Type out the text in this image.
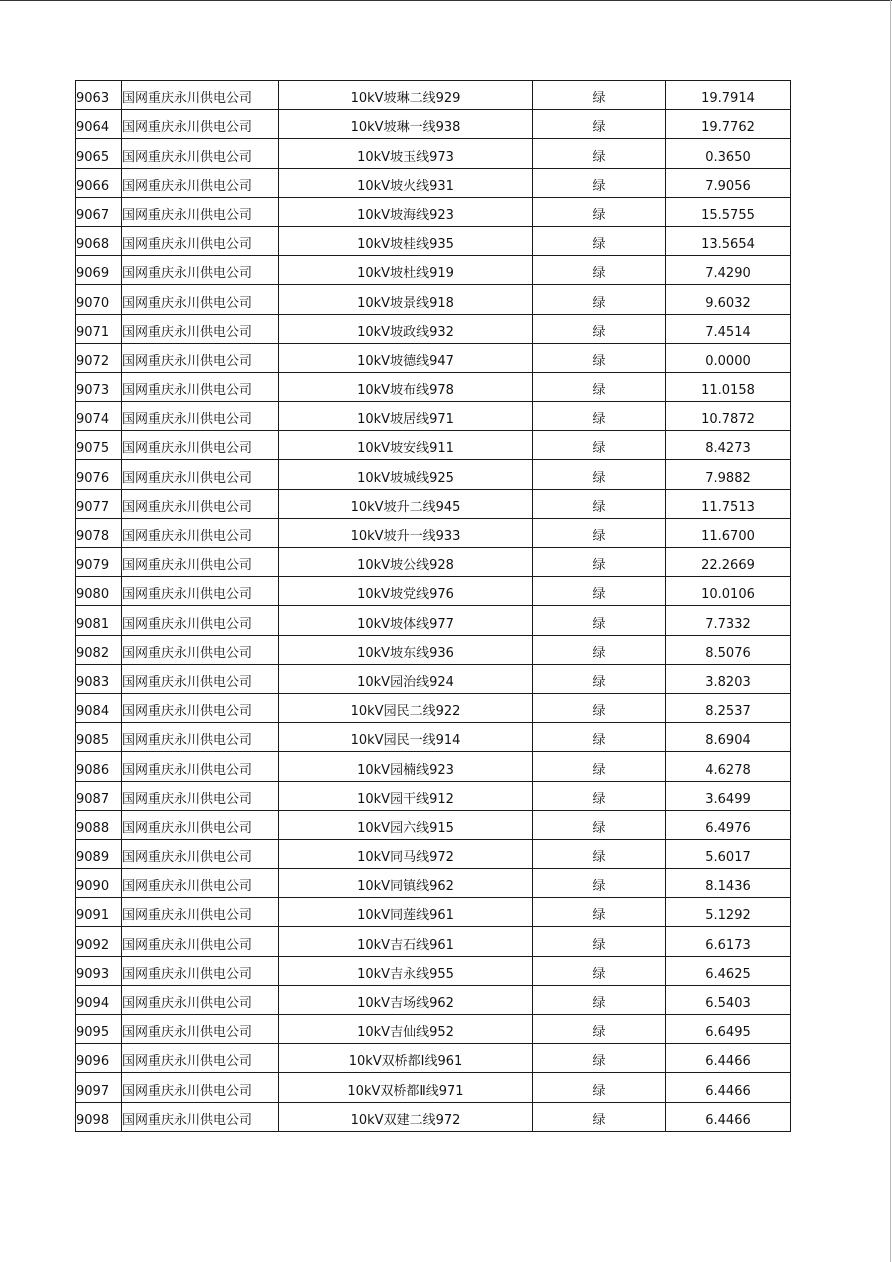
9063	国网重庆永川供电公司	10kV坡琳二线929	绿	19.7914
9064	国网重庆永川供电公司	10kV坡琳一线938	绿	19.7762
9065	国网重庆永川供电公司	10kV坡玉线973	绿	0.3650
9066	国网重庆永川供电公司	10kV坡火线931	绿	7.9056
9067	国网重庆永川供电公司	10kV坡海线923	绿	15.5755
9068	国网重庆永川供电公司	10kV坡桂线935	绿	13.5654
9069	国网重庆永川供电公司	10kV坡杜线919	绿	7.4290
9070	国网重庆永川供电公司	10kV坡景线918	绿	9.6032
9071	国网重庆永川供电公司	10kV坡政线932	绿	7.4514
9072	国网重庆永川供电公司	10kV坡德线947	绿	0.0000
9073	国网重庆永川供电公司	10kV坡布线978	绿	11.0158
9074	国网重庆永川供电公司	10kV坡居线971	绿	10.7872
9075	国网重庆永川供电公司	10kV坡安线911	绿	8.4273
9076	国网重庆永川供电公司	10kV坡城线925	绿	7.9882
9077	国网重庆永川供电公司	10kV坡升二线945	绿	11.7513
9078	国网重庆永川供电公司	10kV坡升一线933	绿	11.6700
9079	国网重庆永川供电公司	10kV坡公线928	绿	22.2669
9080	国网重庆永川供电公司	10kV坡党线976	绿	10.0106
9081	国网重庆永川供电公司	10kV坡体线977	绿	7.7332
9082	国网重庆永川供电公司	10kV坡东线936	绿	8.5076
9083	国网重庆永川供电公司	10kV园治线924	绿	3.8203
9084	国网重庆永川供电公司	10kV园民二线922	绿	8.2537
9085	国网重庆永川供电公司	10kV园民一线914	绿	8.6904
9086	国网重庆永川供电公司	10kV园楠线923	绿	4.6278
9087	国网重庆永川供电公司	10kV园干线912	绿	3.6499
9088	国网重庆永川供电公司	10kV园六线915	绿	6.4976
9089	国网重庆永川供电公司	10kV同马线972	绿	5.6017
9090	国网重庆永川供电公司	10kV同镇线962	绿	8.1436
9091	国网重庆永川供电公司	10kV同莲线961	绿	5.1292
9092	国网重庆永川供电公司	10kV吉石线961	绿	6.6173
9093	国网重庆永川供电公司	10kV吉永线955	绿	6.4625
9094	国网重庆永川供电公司	10kV吉场线962	绿	6.5403
9095	国网重庆永川供电公司	10kV吉仙线952	绿	6.6495
9096	国网重庆永川供电公司	10kV双桥都Ⅰ线961	绿	6.4466
9097	国网重庆永川供电公司	10kV双桥都Ⅱ线971	绿	6.4466
9098	国网重庆永川供电公司	10kV双建二线972	绿	6.4466
